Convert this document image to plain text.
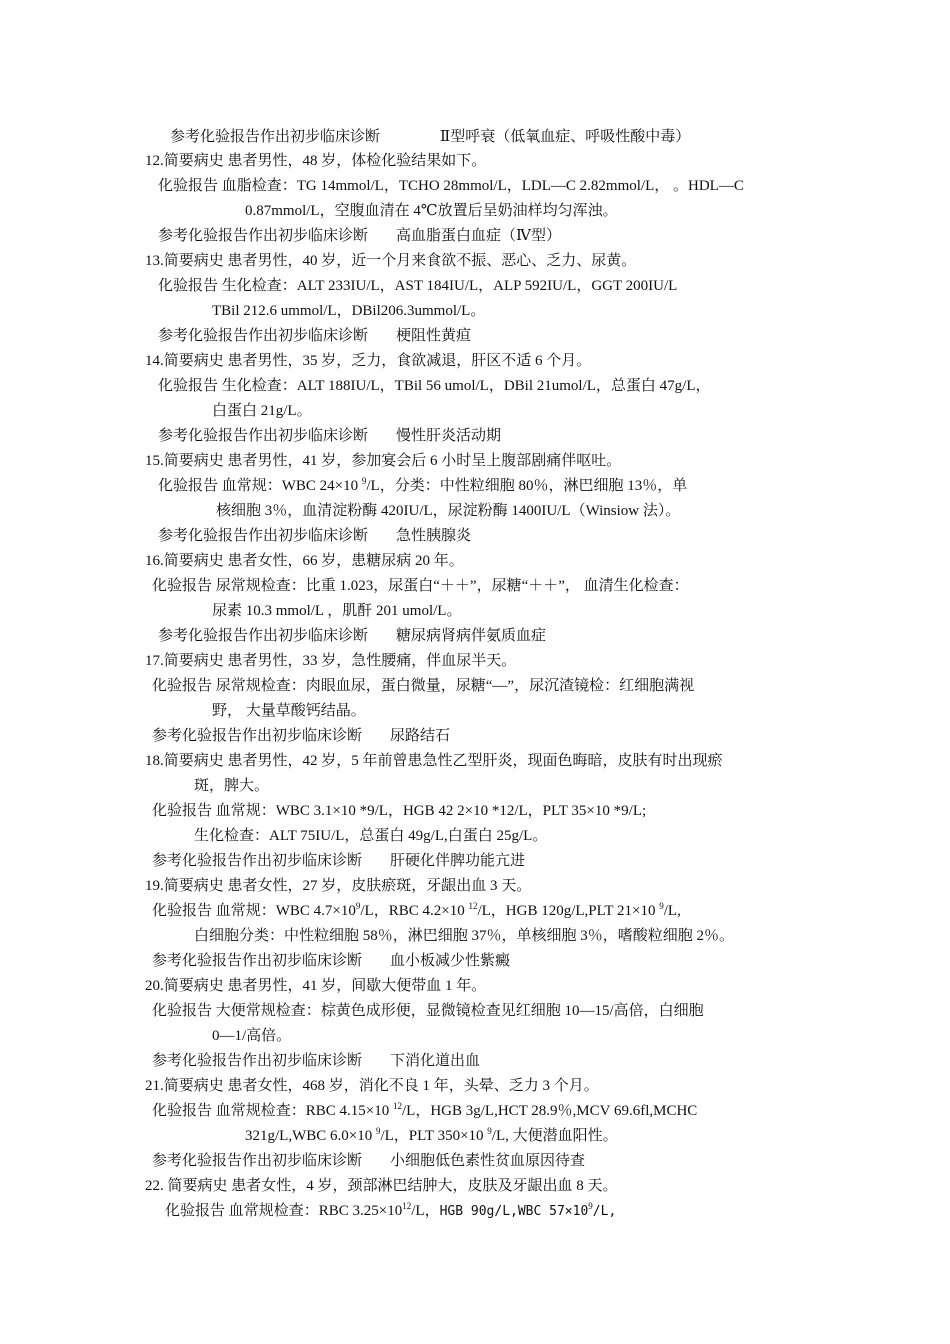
参考化验报告作出初步临床诊断	Ⅱ型呼衰（低氧血症、呼吸性酸中毒）
12.简要病史 患者男性，48 岁，体检化验结果如下。
化验报告 血脂检查：TG 14mmol/L，TCHO 28mmol/L，LDL—C 2.82mmol/L， 。HDL—C
0.87mmol/L，空腹血清在 4℃放置后呈奶油样均匀浑浊。
参考化验报告作出初步临床诊断 高血脂蛋白血症（Ⅳ型）
13.简要病史 患者男性，40 岁，近一个月来食欲不振、恶心、乏力、尿黄。
化验报告 生化检查：ALT 233IU/L，AST 184IU/L，ALP 592IU/L，GGT 200IU/L
TBil 212.6 ummol/L，DBil206.3ummol/L。
参考化验报告作出初步临床诊断 梗阻性黄疸
14.简要病史 患者男性，35 岁，乏力，食欲减退，肝区不适 6 个月。
化验报告 生化检查：ALT 188IU/L，TBil 56 umol/L，DBil 21umol/L，总蛋白 47g/L，
白蛋白 21g/L。
参考化验报告作出初步临床诊断 慢性肝炎活动期
15.简要病史 患者男性，41 岁，参加宴会后 6 小时呈上腹部剧痛伴呕吐。
化验报告 血常规：WBC 24×10 $^9$/L，分类：中性粒细胞 80％，淋巴细胞 13％，单
核细胞 3％，血清淀粉酶 420IU/L，尿淀粉酶 1400IU/L（Winsiow 法）。
参考化验报告作出初步临床诊断 急性胰腺炎
16.简要病史 患者女性，66 岁，患糖尿病 20 年。
化验报告 尿常规检查：比重 1.023，尿蛋白“＋＋”，尿糖“＋＋”， 血清生化检查：
尿素 10.3 mmol/L ，肌酐 201 umol/L。
参考化验报告作出初步临床诊断 糖尿病肾病伴氨质血症
17.简要病史 患者男性，33 岁，急性腰痛，伴血尿半天。
化验报告 尿常规检查：肉眼血尿，蛋白微量，尿糖“—”，尿沉渣镜检：红细胞满视
野， 大量草酸钙结晶。
参考化验报告作出初步临床诊断 尿路结石
18.简要病史 患者男性，42 岁，5 年前曾患急性乙型肝炎，现面色晦暗，皮肤有时出现瘀
斑，脾大。
化验报告 血常规：WBC 3.1×10 *9/L，HGB 42 2×10 *12/L，PLT 35×10 *9/L;
生化检查：ALT 75IU/L，总蛋白 49g/L,白蛋白 25g/L。
参考化验报告作出初步临床诊断 肝硬化伴脾功能亢进
19.简要病史 患者女性，27 岁，皮肤瘀斑，牙龈出血 3 天。
化验报告 血常规：WBC $4.7\times 10^9/L$，RBC 4.2×10 $^{12}$/L，HGB 120g/L,PLT 21×10 $^9$/L,
白细胞分类：中性粒细胞 58％，淋巴细胞 37％，单核细胞 3％，嗜酸粒细胞 2％。
参考化验报告作出初步临床诊断 血小板减少性紫癜
20.简要病史 患者男性，41 岁，间歇大便带血 1 年。
化验报告 大便常规检查：棕黄色成形便，显微镜检查见红细胞 10—15/高倍，白细胞
0—1/高倍。
参考化验报告作出初步临床诊断 下消化道出血
21.简要病史 患者女性，468 岁，消化不良 1 年，头晕、乏力 3 个月。
化验报告 血常规检查：RBC 4.15×10 $^{12}$/L，HGB 3g/L,HCT 28.9％,MCV 69.6fl,MCHC
321g/L,WBC 6.0×10 $^9$/L，PLT 350×10 $^9$/L, 大便潜血阳性。
参考化验报告作出初步临床诊断 小细胞低色素性贫血原因待查
22. 简要病史 患者女性，4 岁，颈部淋巴结肿大，皮肤及牙龈出血 8 天。
化验报告 血常规检查：RBC $3.25\times 10^{12}/L$，HGB 90g/L,WBC $57\times 10^9/L$,
